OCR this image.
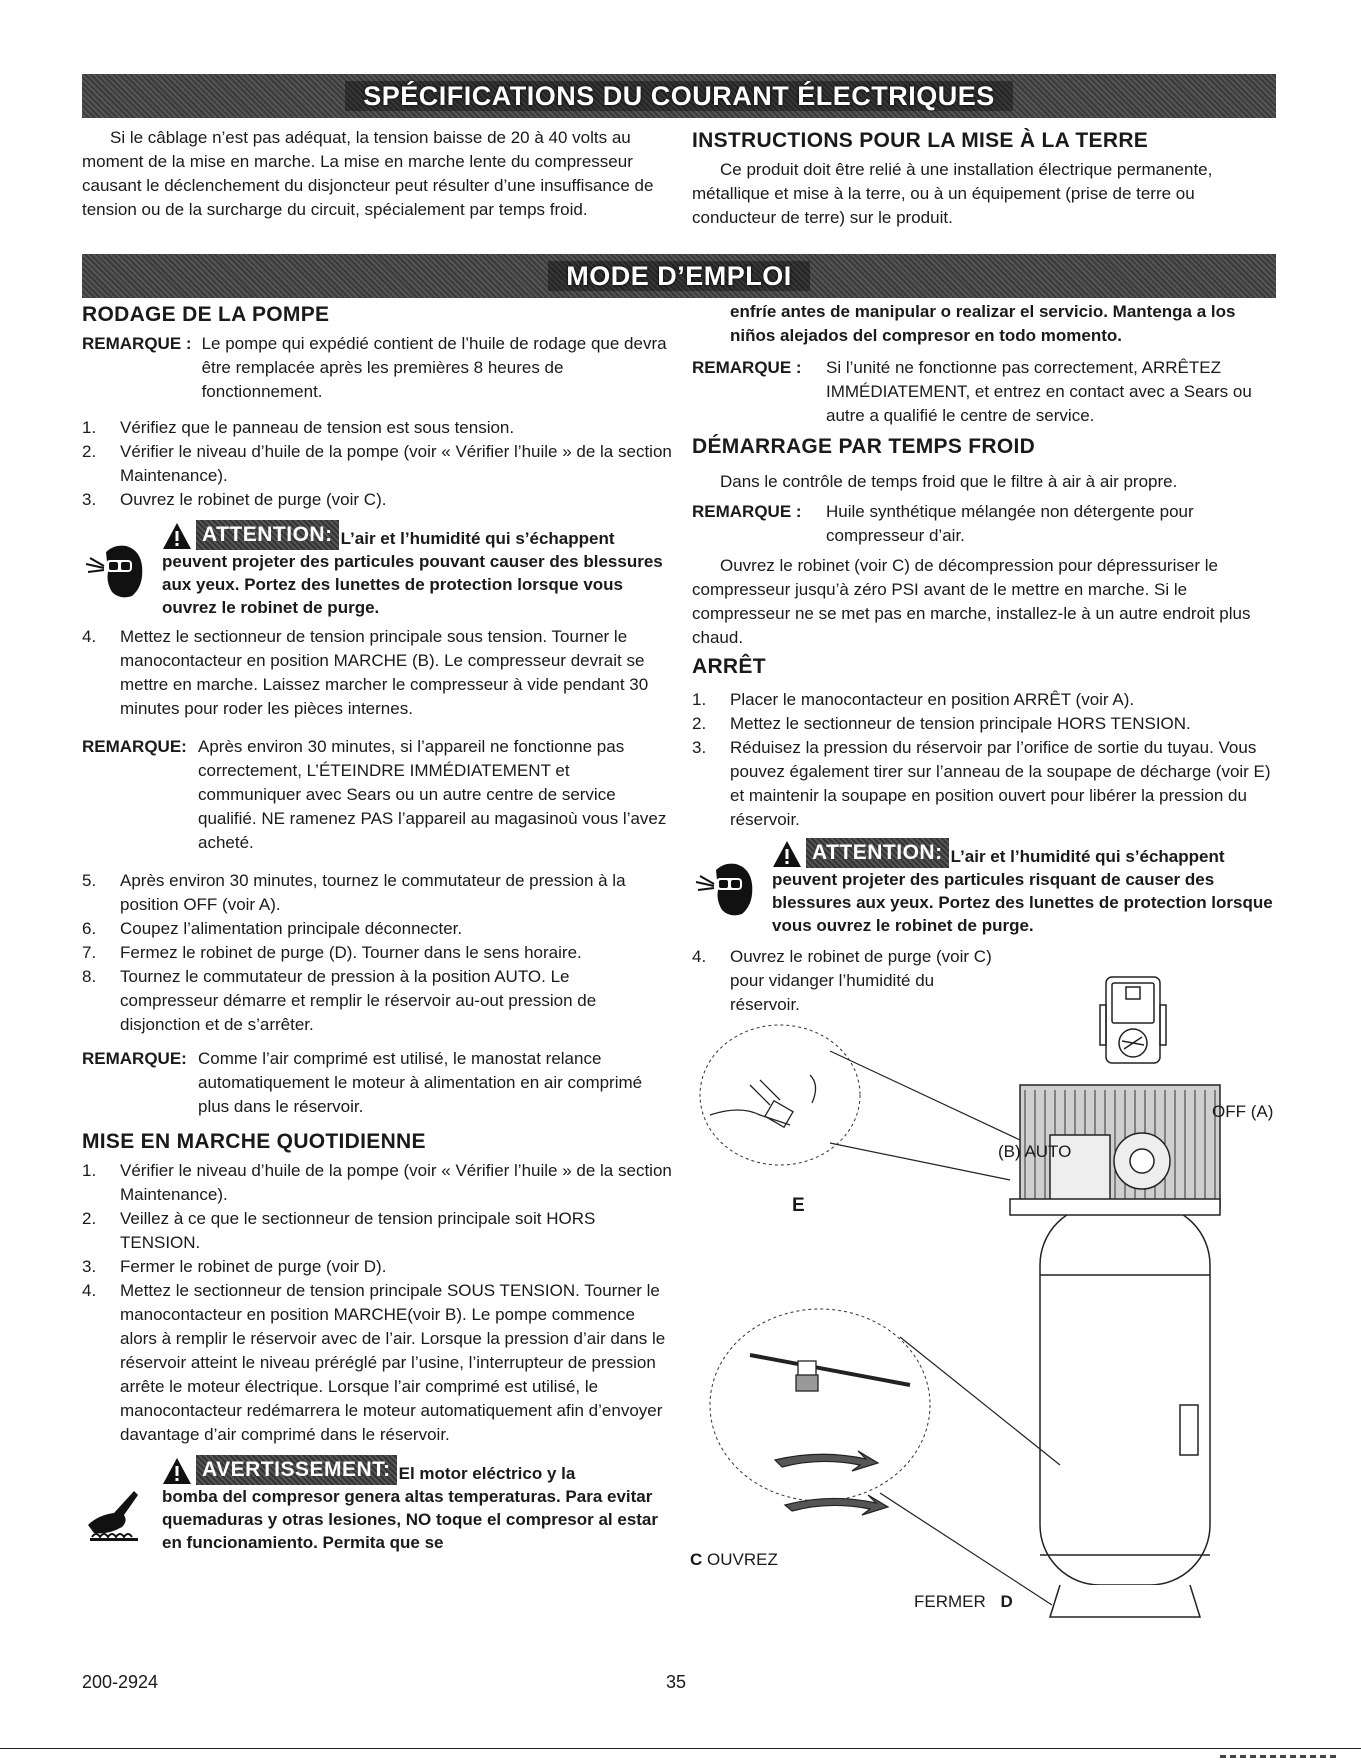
SPÉCIFICATIONS DU COURANT ÉLECTRIQUES

Si le câblage n’est pas adéquat, la tension baisse de 20 à 40 volts au moment de la mise en marche. La mise en marche lente du compresseur causant le déclenchement du disjoncteur peut résulter d’une insuffisance de tension ou de la surcharge du circuit, spécialement par temps froid.

INSTRUCTIONS POUR LA MISE À LA TERRE

Ce produit doit être relié à une installation électrique permanente, métallique et mise à la terre, ou à un équipement (prise de terre ou conducteur de terre) sur le produit.

MODE D’EMPLOI
RODAGE DE LA POMPE
REMARQUE : Le pompe qui expédié contient de l’huile de rodage que devra être remplacée après les premières 8 heures de fonctionnement.
1.	Vérifiez que le panneau de tension est sous tension.
2.	Vérifier le niveau d’huile de la pompe (voir « Vérifier l’huile » de la section Maintenance).
3.	Ouvrez le robinet de purge (voir C).
ATTENTION: L’air et l’humidité qui s’échappent
peuvent projeter des particules pouvant causer des blessures aux yeux. Portez des lunettes de protection lorsque vous ouvrez le robinet de purge.
4.	Mettez le sectionneur de tension principale sous tension. Tourner le manocontacteur en position MARCHE (B). Le compresseur devrait se mettre en marche. Laissez marcher le compresseur à vide pendant 30 minutes pour roder les pièces internes.
REMARQUE: Après environ 30 minutes, si l’appareil ne fonctionne pas correctement, L’ÉTEINDRE IMMÉDIATEMENT et communiquer avec Sears ou un autre centre de service qualifié. NE ramenez PAS l’appareil au magasinoù vous l’avez acheté.
5.	Après environ 30 minutes, tournez le commutateur de pression à la position OFF (voir A).
6.	Coupez l’alimentation principale déconnecter.
7.	Fermez le robinet de purge (D). Tourner dans le sens horaire.
8.	Tournez le commutateur de pression à la position AUTO. Le compresseur démarre et remplir le réservoir au-out pression de disjonction et de s’arrêter.
REMARQUE: Comme l’air comprimé est utilisé, le manostat relance automatiquement le moteur à alimentation en air comprimé plus dans le réservoir.
MISE EN MARCHE QUOTIDIENNE
1.	Vérifier le niveau d’huile de la pompe (voir « Vérifier l’huile » de la section Maintenance).
2.	Veillez à ce que le sectionneur de tension principale soit HORS TENSION.
3.	Fermer le robinet de purge (voir D).
4.	Mettez le sectionneur de tension principale SOUS TENSION. Tourner le manocontacteur en position MARCHE(voir B). Le pompe commence alors à remplir le réservoir avec de l’air. Lorsque la pression d’air dans le réservoir atteint le niveau préréglé par l’usine, l’interrupteur de pression arrête le moteur électrique. Lorsque l’air comprimé est utilisé, le manocontacteur redémarrera le moteur automatiquement afin d’envoyer davantage d’air comprimé dans le réservoir.
AVERTISSEMENT: El motor eléctrico y la
bomba del compresor genera altas temperaturas. Para evitar quemaduras y otras lesiones, NO toque el compresor al estar en funcionamiento. Permita que se
enfríe antes de manipular o realizar el servicio. Mantenga a los niños alejados del compresor en todo momento.
REMARQUE :	Si l’unité ne fonctionne pas correctement, ARRÊTEZ IMMÉDIATEMENT, et entrez en contact avec a Sears ou autre a qualifié le centre de service.
DÉMARRAGE PAR TEMPS FROID

Dans le contrôle de temps froid que le filtre à air à air propre.

REMARQUE :	Huile synthétique mélangée non détergente pour compresseur d’air.

Ouvrez le robinet (voir C) de décompression pour dépressuriser le compresseur jusqu’à zéro PSI avant de le mettre en marche. Si le compresseur ne se met pas en marche, installez-le à un autre endroit plus chaud.

ARRÊT
1.	Placer le manocontacteur en position ARRÊT (voir A).
2.	Mettez le sectionneur de tension principale HORS TENSION.
3.	Réduisez la pression du réservoir par l’orifice de sortie du tuyau. Vous pouvez également tirer sur l’anneau de la soupape de décharge (voir E) et maintenir la soupape en position ouvert pour libérer la pression du réservoir.
ATTENTION: L’air et l’humidité qui s’échappent
peuvent projeter des particules risquant de causer des blessures aux yeux. Portez des lunettes de protection lorsque vous ouvrez le robinet de purge.
4.	Ouvrez le robinet de purge (voir C) pour vidanger l’humidité du réservoir.
OFF (A)
(B) AUTO
E
C OUVREZ
FERMER D
200-2924	35
